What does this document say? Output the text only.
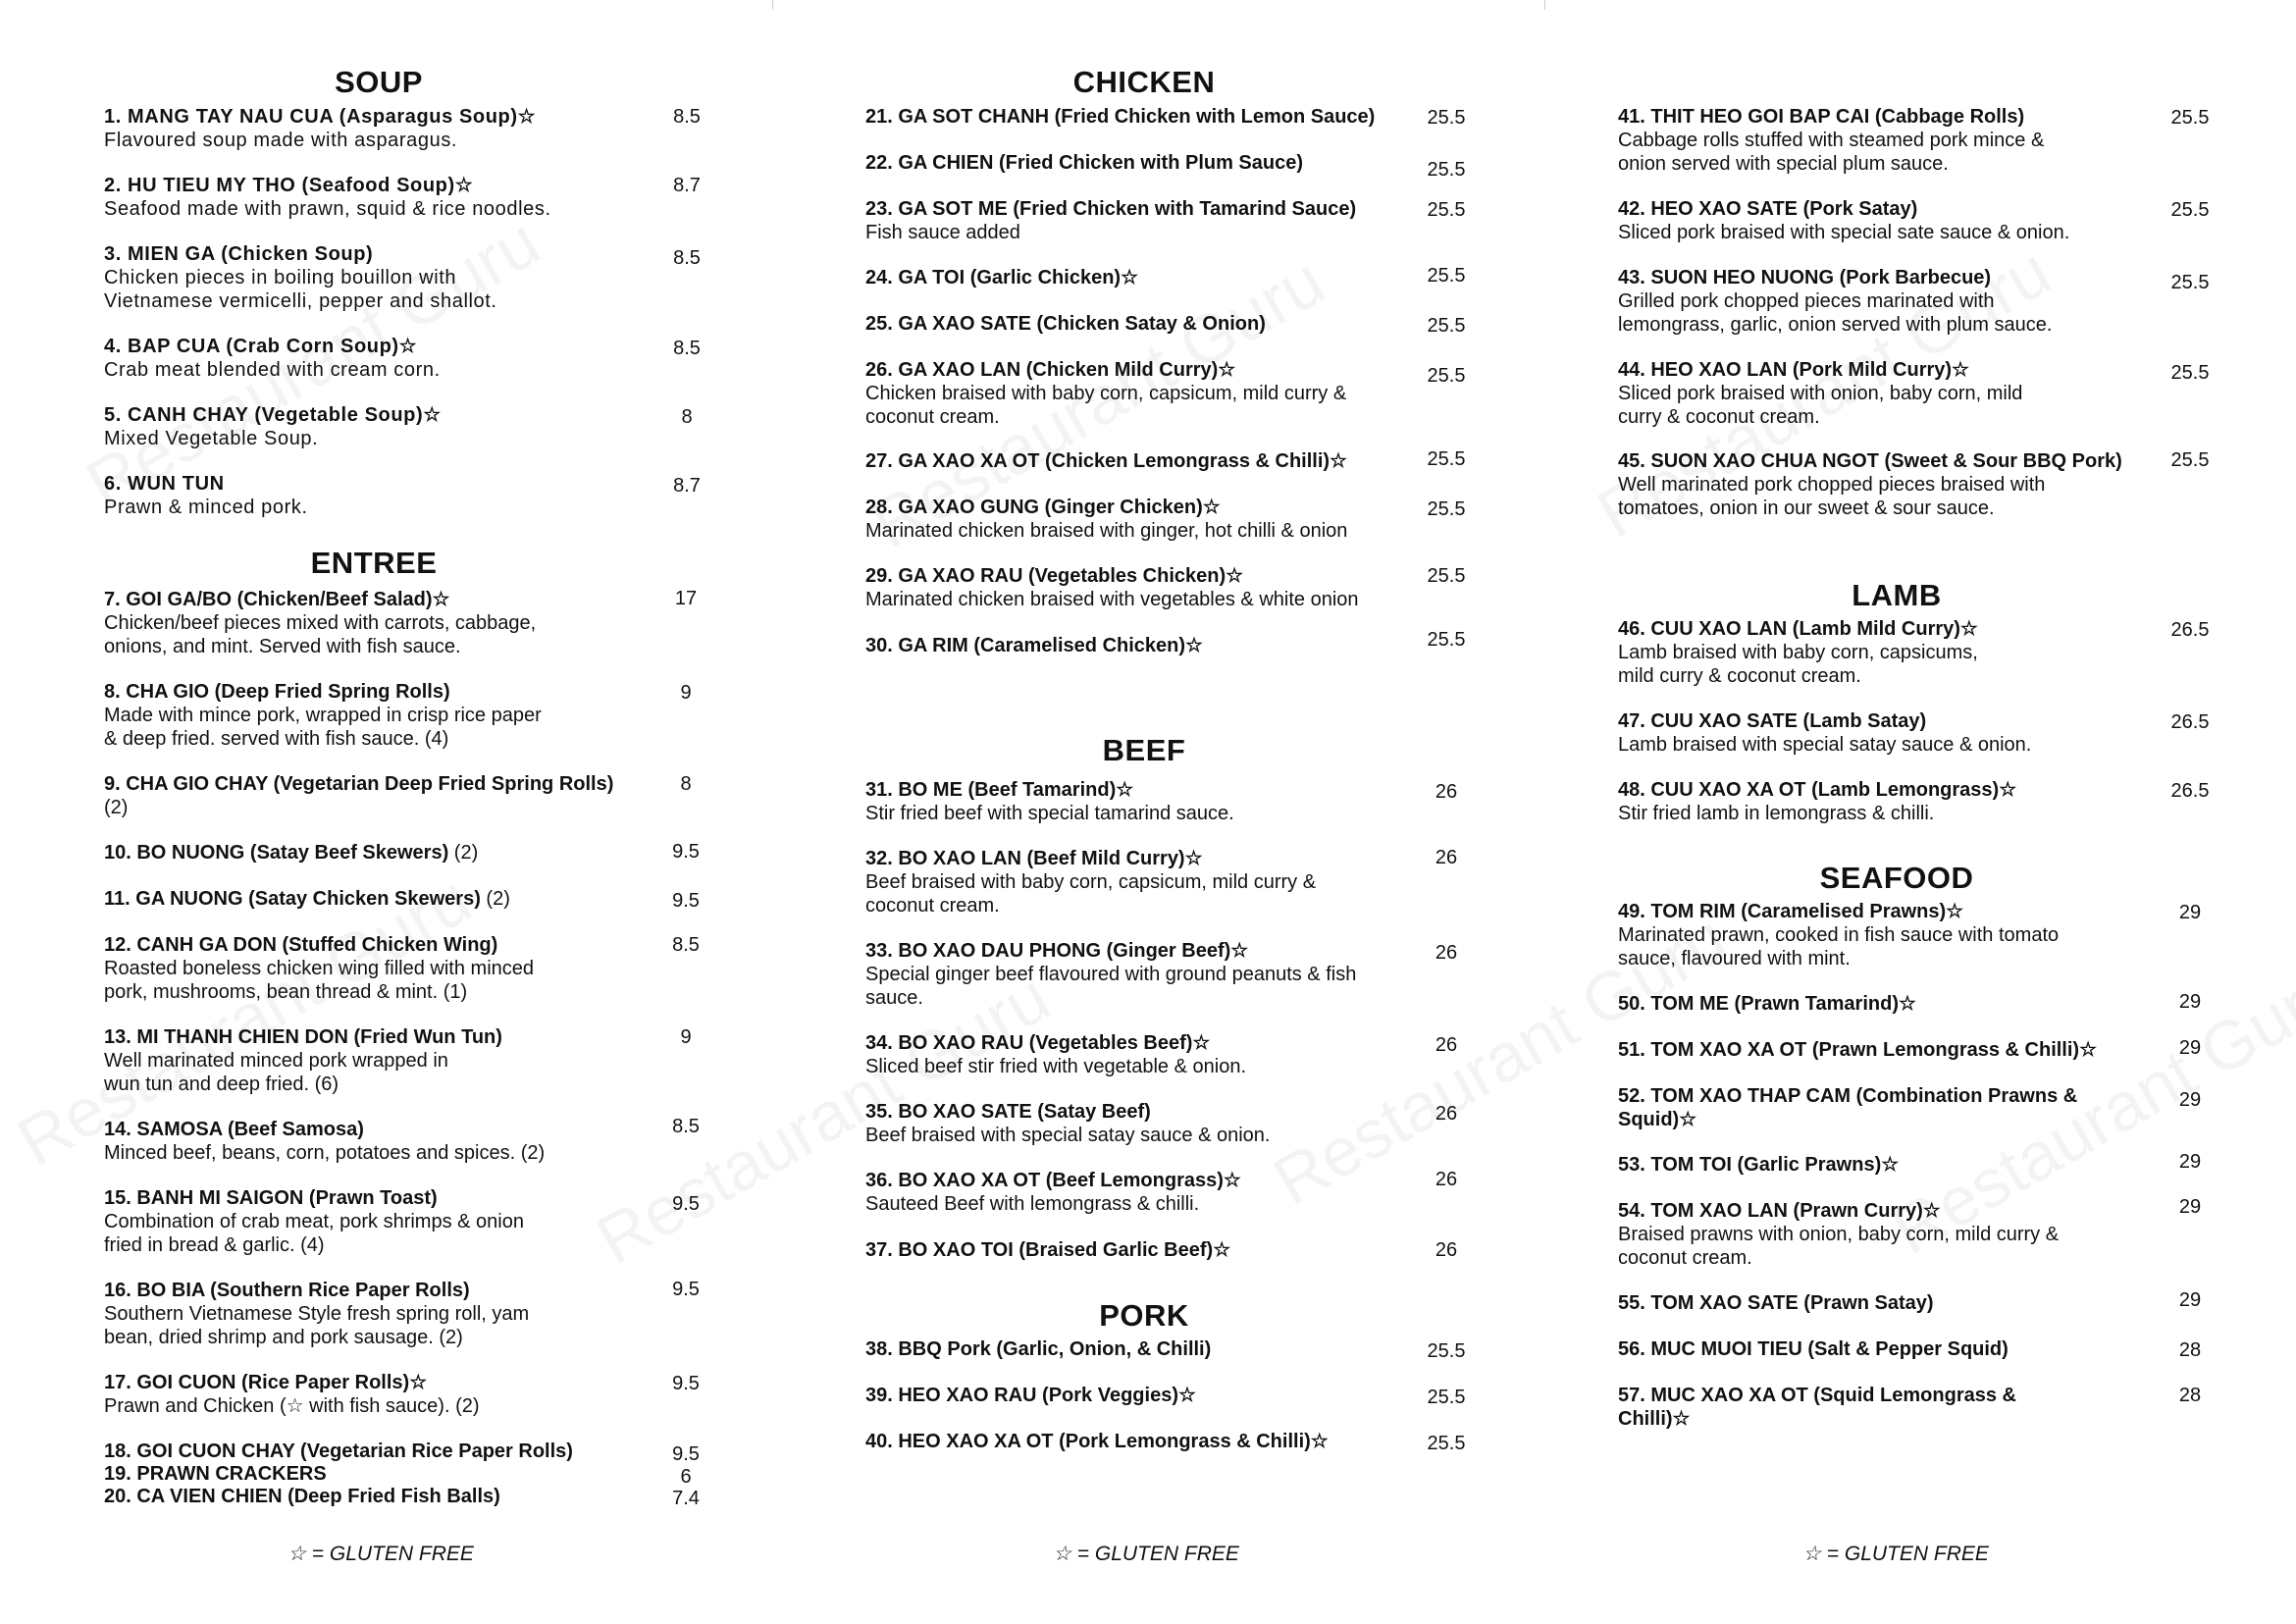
SOUP
1. MANG TAY NAU CUA (Asparagus Soup)☆
Flavoured soup made with asparagus.
8.5
2. HU TIEU MY THO (Seafood Soup)☆
Seafood made with prawn, squid & rice noodles.
8.7
3. MIEN GA (Chicken Soup)
Chicken pieces in boiling bouillon with
Vietnamese vermicelli, pepper and shallot.
8.5
4. BAP CUA (Crab Corn Soup)☆
Crab meat blended with cream corn.
8.5
5. CANH CHAY (Vegetable Soup)☆
Mixed Vegetable Soup.
8
6. WUN TUN
Prawn & minced pork.
8.7
ENTREE
7. GOI GA/BO (Chicken/Beef Salad)☆
Chicken/beef pieces mixed with carrots, cabbage,
onions, and mint. Served with fish sauce.
17
8. CHA GIO (Deep Fried Spring Rolls)
Made with mince pork, wrapped in crisp rice paper
& deep fried. served with fish sauce. (4)
9
9. CHA GIO CHAY (Vegetarian Deep Fried Spring Rolls)
(2)
8
10. BO NUONG (Satay Beef Skewers) (2)	9.5
11. GA NUONG (Satay Chicken Skewers) (2)	9.5
12. CANH GA DON (Stuffed Chicken Wing)
Roasted boneless chicken wing filled with minced
pork, mushrooms, bean thread & mint. (1)
8.5
13. MI THANH CHIEN DON (Fried Wun Tun)
Well marinated minced pork wrapped in
wun tun and deep fried. (6)
9
14. SAMOSA (Beef Samosa)
Minced beef, beans, corn, potatoes and spices. (2)
8.5
15. BANH MI SAIGON (Prawn Toast)
Combination of crab meat, pork shrimps & onion
fried in bread & garlic. (4)
9.5
16. BO BIA (Southern Rice Paper Rolls)
Southern Vietnamese Style fresh spring roll, yam
bean, dried shrimp and pork sausage. (2)
9.5
17. GOI CUON (Rice Paper Rolls)☆
Prawn and Chicken (☆ with fish sauce). (2)
9.5
18. GOI CUON CHAY (Vegetarian Rice Paper Rolls)	9.5
19. PRAWN CRACKERS	6
20. CA VIEN CHIEN (Deep Fried Fish Balls)	7.4
☆ = GLUTEN FREE
CHICKEN
21. GA SOT CHANH (Fried Chicken with Lemon Sauce)	25.5
22. GA CHIEN (Fried Chicken with Plum Sauce)	25.5
23. GA SOT ME (Fried Chicken with Tamarind Sauce)
Fish sauce added
25.5
24. GA TOI (Garlic Chicken)☆	25.5
25. GA XAO SATE (Chicken Satay & Onion)	25.5
26. GA XAO LAN (Chicken Mild Curry)☆
Chicken braised with baby corn, capsicum, mild curry &
coconut cream.
25.5
27. GA XAO XA OT (Chicken Lemongrass & Chilli)☆	25.5
28. GA XAO GUNG (Ginger Chicken)☆
Marinated chicken braised with ginger, hot chilli & onion
25.5
29. GA XAO RAU (Vegetables Chicken)☆
Marinated chicken braised with vegetables & white onion
25.5
30. GA RIM (Caramelised Chicken)☆	25.5
BEEF
31. BO ME (Beef Tamarind)☆
Stir fried beef with special tamarind sauce.
26
32. BO XAO LAN (Beef Mild Curry)☆
Beef braised with baby corn, capsicum, mild curry &
coconut cream.
26
33. BO XAO DAU PHONG (Ginger Beef)☆
Special ginger beef flavoured with ground peanuts & fish
sauce.
26
34. BO XAO RAU (Vegetables Beef)☆
Sliced beef stir fried with vegetable & onion.
26
35. BO XAO SATE (Satay Beef)
Beef braised with special satay sauce & onion.
26
36. BO XAO XA OT (Beef Lemongrass)☆
Sauteed Beef with lemongrass & chilli.
26
37. BO XAO TOI (Braised Garlic Beef)☆	26
PORK
38. BBQ Pork (Garlic, Onion, & Chilli)	25.5
39. HEO XAO RAU (Pork Veggies)☆	25.5
40. HEO XAO XA OT (Pork Lemongrass & Chilli)☆	25.5
☆ = GLUTEN FREE
41. THIT HEO GOI BAP CAI (Cabbage Rolls)
Cabbage rolls stuffed with steamed pork mince &
onion served with special plum sauce.
25.5
42. HEO XAO SATE (Pork Satay)
Sliced pork braised with special sate sauce & onion.
25.5
43. SUON HEO NUONG (Pork Barbecue)
Grilled pork chopped pieces marinated with
lemongrass, garlic, onion served with plum sauce.
25.5
44. HEO XAO LAN (Pork Mild Curry)☆
Sliced pork braised with onion, baby corn, mild
curry & coconut cream.
25.5
45. SUON XAO CHUA NGOT (Sweet & Sour BBQ Pork)
Well marinated pork chopped pieces braised with
tomatoes, onion in our sweet & sour sauce.
25.5
LAMB
46. CUU XAO LAN (Lamb Mild Curry)☆
Lamb braised with baby corn, capsicums,
mild curry & coconut cream.
26.5
47. CUU XAO SATE (Lamb Satay)
Lamb braised with special satay sauce & onion.
26.5
48. CUU XAO XA OT (Lamb Lemongrass)☆
Stir fried lamb in lemongrass & chilli.
26.5
SEAFOOD
49. TOM RIM (Caramelised Prawns)☆
Marinated prawn, cooked in fish sauce with tomato
sauce, flavoured with mint.
29
50. TOM ME (Prawn Tamarind)☆	29
51. TOM XAO XA OT (Prawn Lemongrass & Chilli)☆	29
52. TOM XAO THAP CAM (Combination Prawns &
Squid)☆
29
53. TOM TOI (Garlic Prawns)☆	29
54. TOM XAO LAN (Prawn Curry)☆
Braised prawns with onion, baby corn, mild curry &
coconut cream.
29
55. TOM XAO SATE (Prawn Satay)	29
56. MUC MUOI TIEU (Salt & Pepper Squid)	28
57. MUC XAO XA OT (Squid Lemongrass &
Chilli)☆
28
☆ = GLUTEN FREE
